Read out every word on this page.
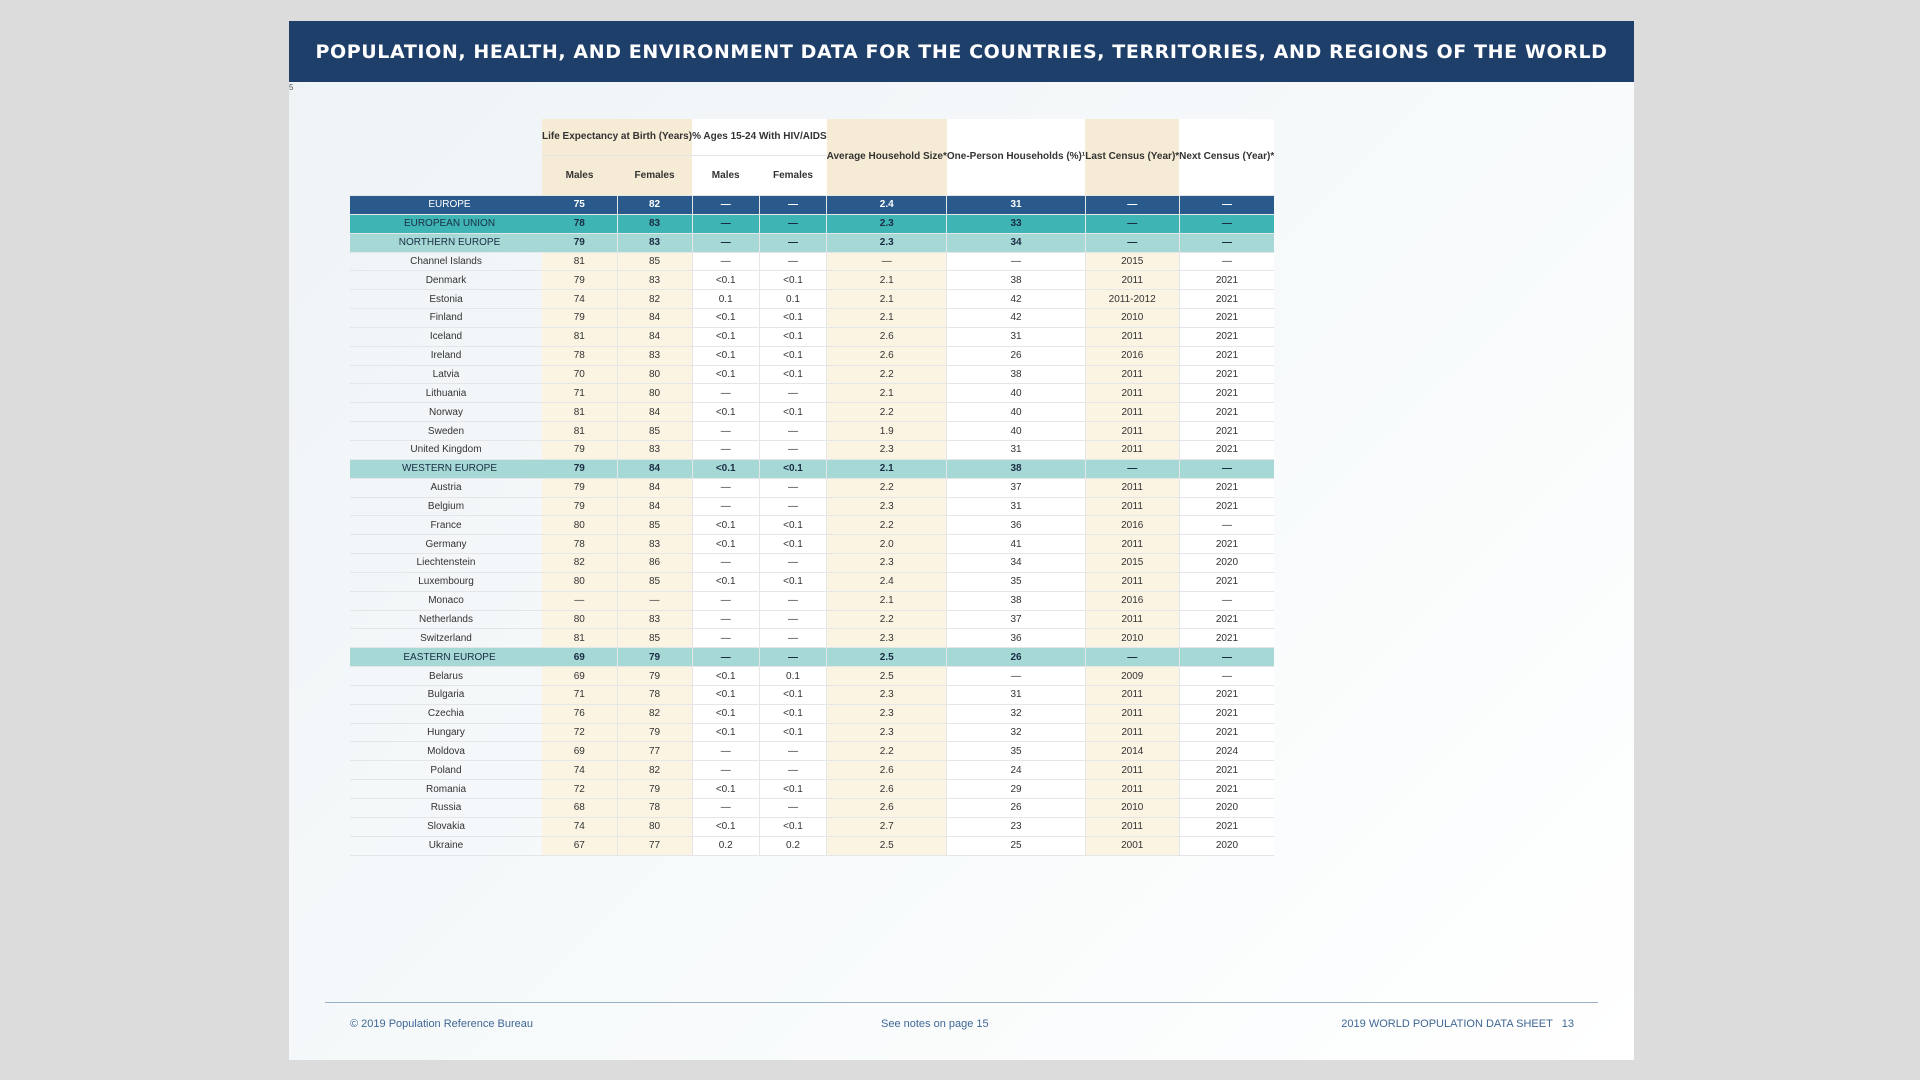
POPULATION, HEALTH, AND ENVIRONMENT DATA FOR THE COUNTRIES, TERRITORIES, AND REGIONS OF THE WORLD
5
	Life Expectancy at Birth (Years)		% Ages 15-24 With HIV/AIDS		Average Household Size*	One-Person Households (%)¹	Last Census (Year)*	Next Census (Year)*
	Males	Females	Males	Females				
EUROPE	75	82	—	—	2.4	31	—	—
EUROPEAN UNION	78	83	—	—	2.3	33	—	—
NORTHERN EUROPE	79	83	—	—	2.3	34	—	—
Channel Islands	81	85	—	—	—	—	2015	—
Denmark	79	83	<0.1	<0.1	2.1	38	2011	2021
Estonia	74	82	0.1	0.1	2.1	42	2011-2012	2021
Finland	79	84	<0.1	<0.1	2.1	42	2010	2021
Iceland	81	84	<0.1	<0.1	2.6	31	2011	2021
Ireland	78	83	<0.1	<0.1	2.6	26	2016	2021
Latvia	70	80	<0.1	<0.1	2.2	38	2011	2021
Lithuania	71	80	—	—	2.1	40	2011	2021
Norway	81	84	<0.1	<0.1	2.2	40	2011	2021
Sweden	81	85	—	—	1.9	40	2011	2021
United Kingdom	79	83	—	—	2.3	31	2011	2021
WESTERN EUROPE	79	84	<0.1	<0.1	2.1	38	—	—
Austria	79	84	—	—	2.2	37	2011	2021
Belgium	79	84	—	—	2.3	31	2011	2021
France	80	85	<0.1	<0.1	2.2	36	2016	—
Germany	78	83	<0.1	<0.1	2.0	41	2011	2021
Liechtenstein	82	86	—	—	2.3	34	2015	2020
Luxembourg	80	85	<0.1	<0.1	2.4	35	2011	2021
Monaco	—	—	—	—	2.1	38	2016	—
Netherlands	80	83	—	—	2.2	37	2011	2021
Switzerland	81	85	—	—	2.3	36	2010	2021
EASTERN EUROPE	69	79	—	—	2.5	26	—	—
Belarus	69	79	<0.1	0.1	2.5	—	2009	—
Bulgaria	71	78	<0.1	<0.1	2.3	31	2011	2021
Czechia	76	82	<0.1	<0.1	2.3	32	2011	2021
Hungary	72	79	<0.1	<0.1	2.3	32	2011	2021
Moldova	69	77	—	—	2.2	35	2014	2024
Poland	74	82	—	—	2.6	24	2011	2021
Romania	72	79	<0.1	<0.1	2.6	29	2011	2021
Russia	68	78	—	—	2.6	26	2010	2020
Slovakia	74	80	<0.1	<0.1	2.7	23	2011	2021
Ukraine	67	77	0.2	0.2	2.5	25	2001	2020
© 2019 Population Reference Bureau	See notes on page 15	2019 WORLD POPULATION DATA SHEET   13
